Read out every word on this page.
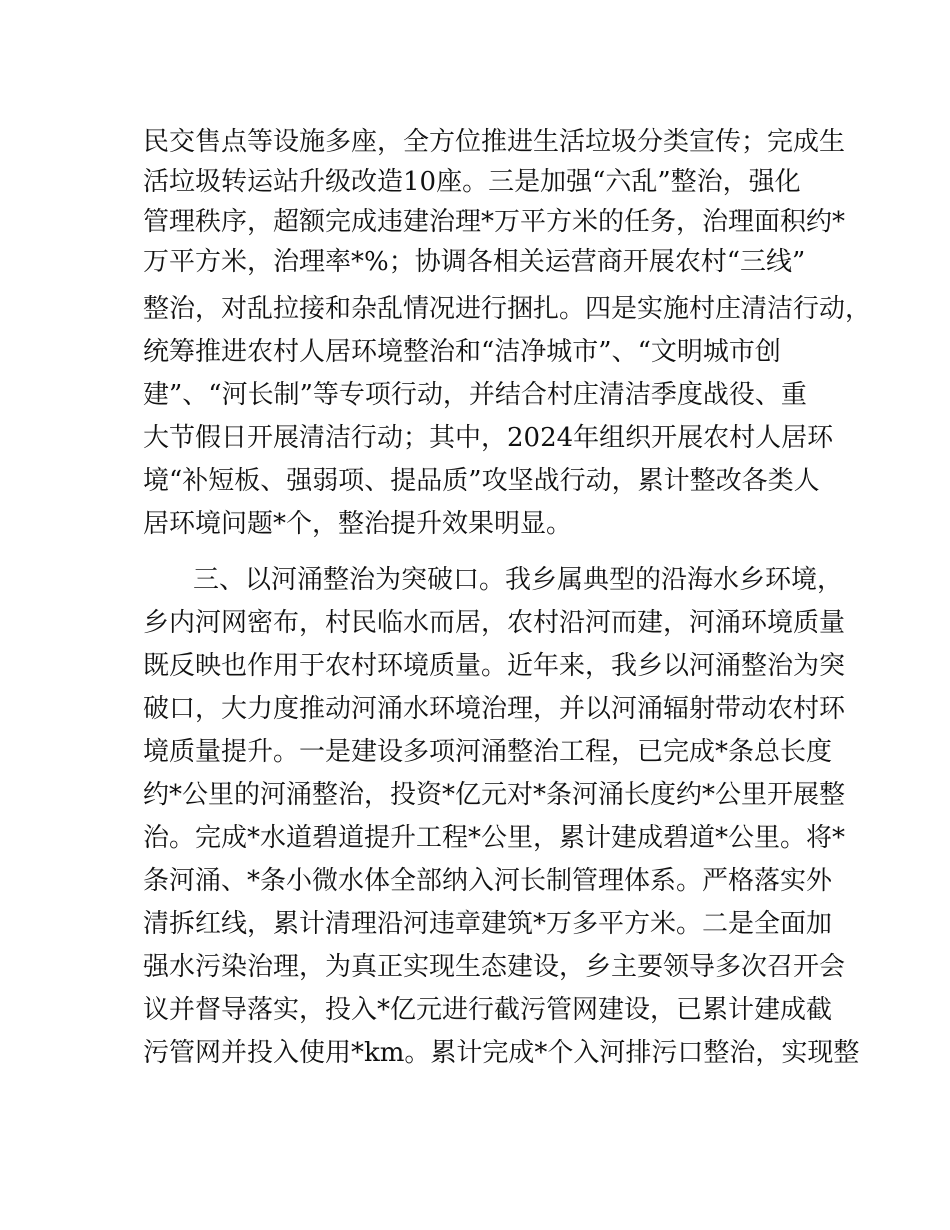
民交售点等设施多座，全方位推进生活垃圾分类宣传；完成生
活垃圾转运站升级改造10座。三是加强“六乱”整治，强化
管理秩序，超额完成违建治理*万平方米的任务，治理面积约*
万平方米，治理率*%；协调各相关运营商开展农村“三线”
整治，对乱拉接和杂乱情况进行捆扎。四是实施村庄清洁行动，
统筹推进农村人居环境整治和“洁净城市”、“文明城市创
建”、“河长制”等专项行动，并结合村庄清洁季度战役、重
大节假日开展清洁行动；其中，2024年组织开展农村人居环
境“补短板、强弱项、提品质”攻坚战行动，累计整改各类人
居环境问题*个，整治提升效果明显。
三、以河涌整治为突破口。我乡属典型的沿海水乡环境，
乡内河网密布，村民临水而居，农村沿河而建，河涌环境质量
既反映也作用于农村环境质量。近年来，我乡以河涌整治为突
破口，大力度推动河涌水环境治理，并以河涌辐射带动农村环
境质量提升。一是建设多项河涌整治工程，已完成*条总长度
约*公里的河涌整治，投资*亿元对*条河涌长度约*公里开展整
治。完成*水道碧道提升工程*公里，累计建成碧道*公里。将*
条河涌、*条小微水体全部纳入河长制管理体系。严格落实外
清拆红线，累计清理沿河违章建筑*万多平方米。二是全面加
强水污染治理，为真正实现生态建设，乡主要领导多次召开会
议并督导落实，投入*亿元进行截污管网建设，已累计建成截
污管网并投入使用*km。累计完成*个入河排污口整治，实现整
